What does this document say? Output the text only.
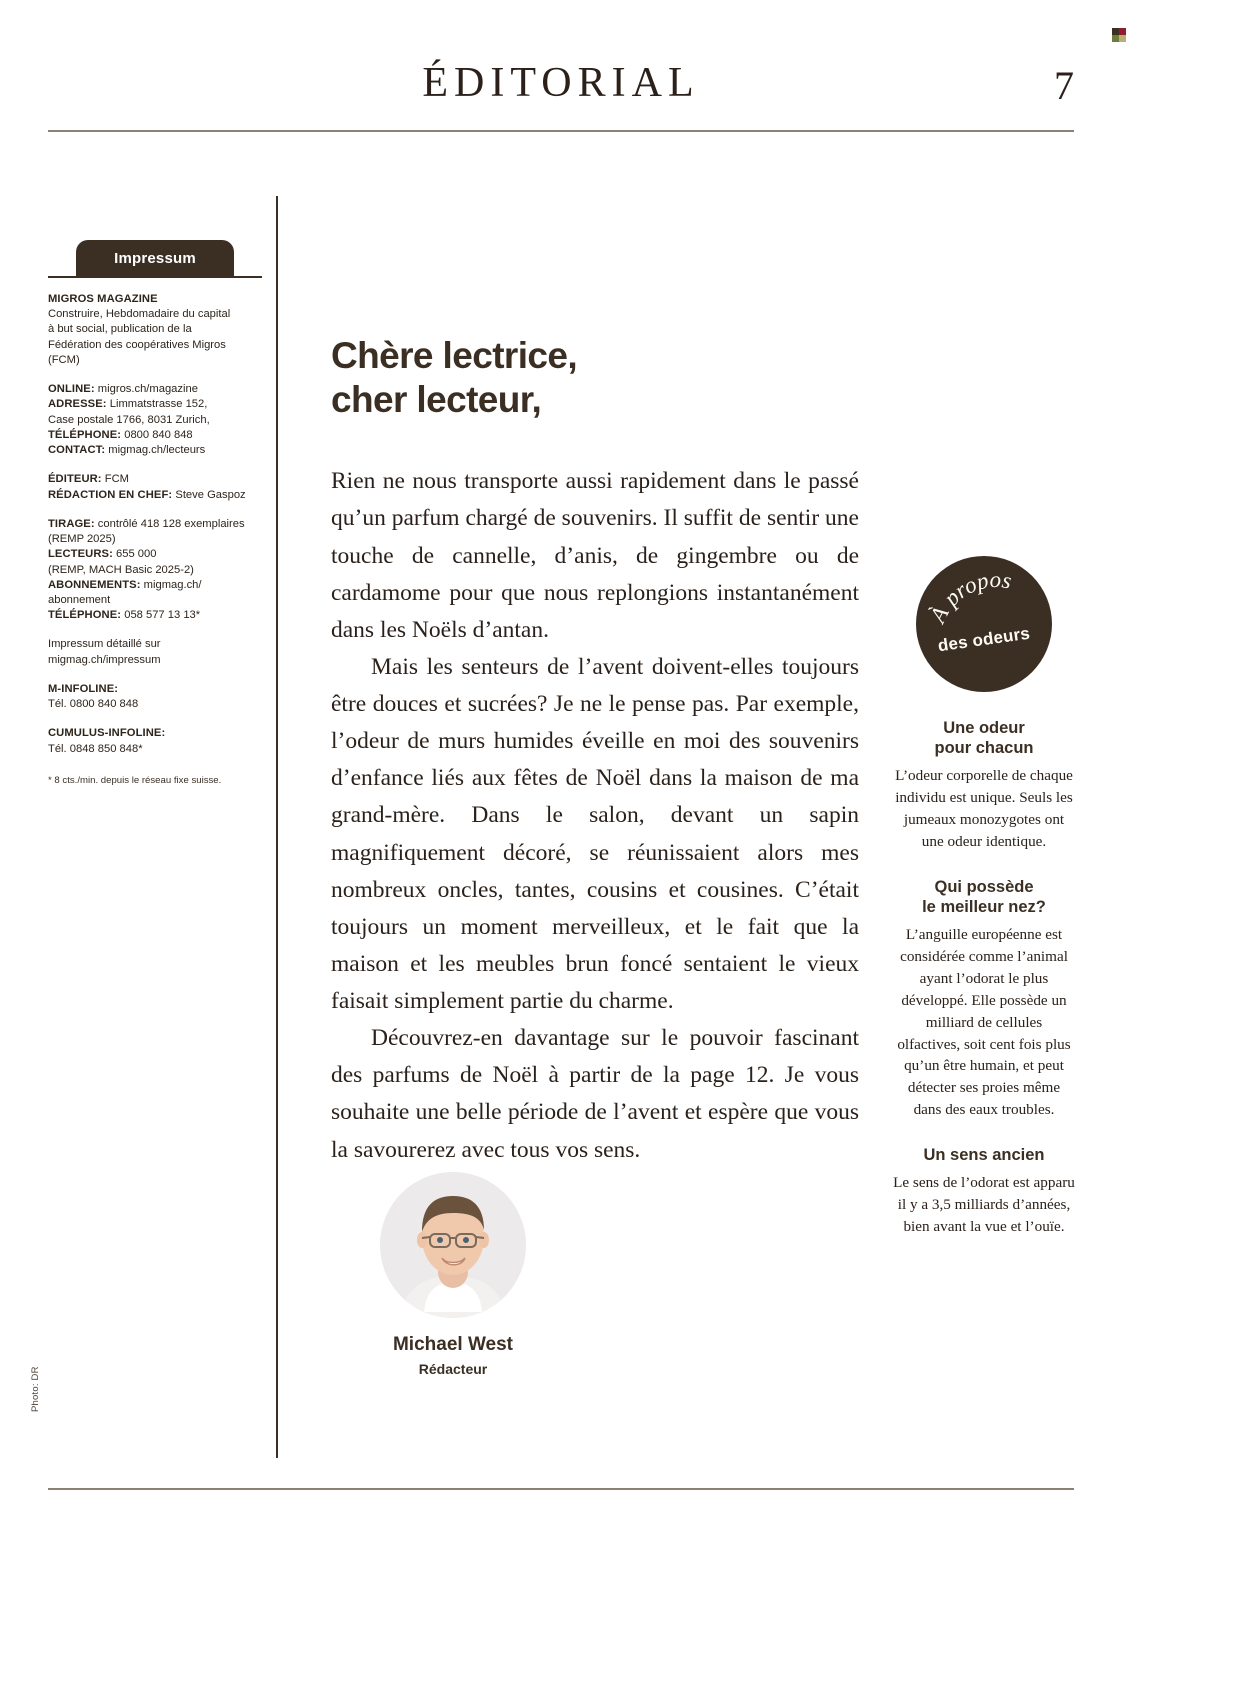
ÉDITORIAL	7
Impressum
MIGROS MAGAZINE
Construire, Hebdomadaire du capital
à but social, publication de la
Fédération des coopératives Migros
(FCM)
ONLINE: migros.ch/magazine
ADRESSE: Limmatstrasse 152,
Case postale 1766, 8031 Zurich,
TÉLÉPHONE: 0800 840 848
CONTACT: migmag.ch/lecteurs
ÉDITEUR: FCM
RÉDACTION EN CHEF: Steve Gaspoz
TIRAGE: contrôlé 418 128 exemplaires
(REMP 2025)
LECTEURS: 655 000
(REMP, MACH Basic 2025-2)
ABONNEMENTS: migmag.ch/
abonnement
TÉLÉPHONE: 058 577 13 13*
Impressum détaillé sur
migmag.ch/impressum
M-INFOLINE:
Tél. 0800 840 848
CUMULUS-INFOLINE:
Tél. 0848 850 848*
* 8 cts./min. depuis le réseau fixe suisse.
Photo: DR
Chère lectrice,
cher lecteur,

Rien ne nous transporte aussi rapidement dans le passé qu’un parfum chargé de souvenirs. Il suffit de sentir une touche de cannelle, d’anis, de gingembre ou de cardamome pour que nous replongions instantanément dans les Noëls d’antan.

Mais les senteurs de l’avent doivent-elles toujours être douces et sucrées? Je ne le pense pas. Par exemple, l’odeur de murs humides éveille en moi des souvenirs d’enfance liés aux fêtes de Noël dans la maison de ma grand-mère. Dans le salon, devant un sapin magnifiquement décoré, se réunissaient alors mes nombreux oncles, tantes, cousins et cousines. C’était toujours un moment merveilleux, et le fait que la maison et les meubles brun foncé sentaient le vieux faisait simplement partie du charme.

Découvrez-en davantage sur le pouvoir fascinant des parfums de Noël à partir de la page 12. Je vous souhaite une belle période de l’avent et espère que vous la savourerez avec tous vos sens.

Michael West
Rédacteur
À propos
des odeurs
Une odeur
pour chacun
L’odeur corporelle de chaque individu est unique. Seuls les jumeaux monozygotes ont une odeur identique.
Qui possède
le meilleur nez?
L’anguille européenne est considérée comme l’animal ayant l’odorat le plus développé. Elle possède un milliard de cellules olfactives, soit cent fois plus qu’un être humain, et peut détecter ses proies même dans des eaux troubles.
Un sens ancien
Le sens de l’odorat est apparu il y a 3,5 milliards d’années, bien avant la vue et l’ouïe.
